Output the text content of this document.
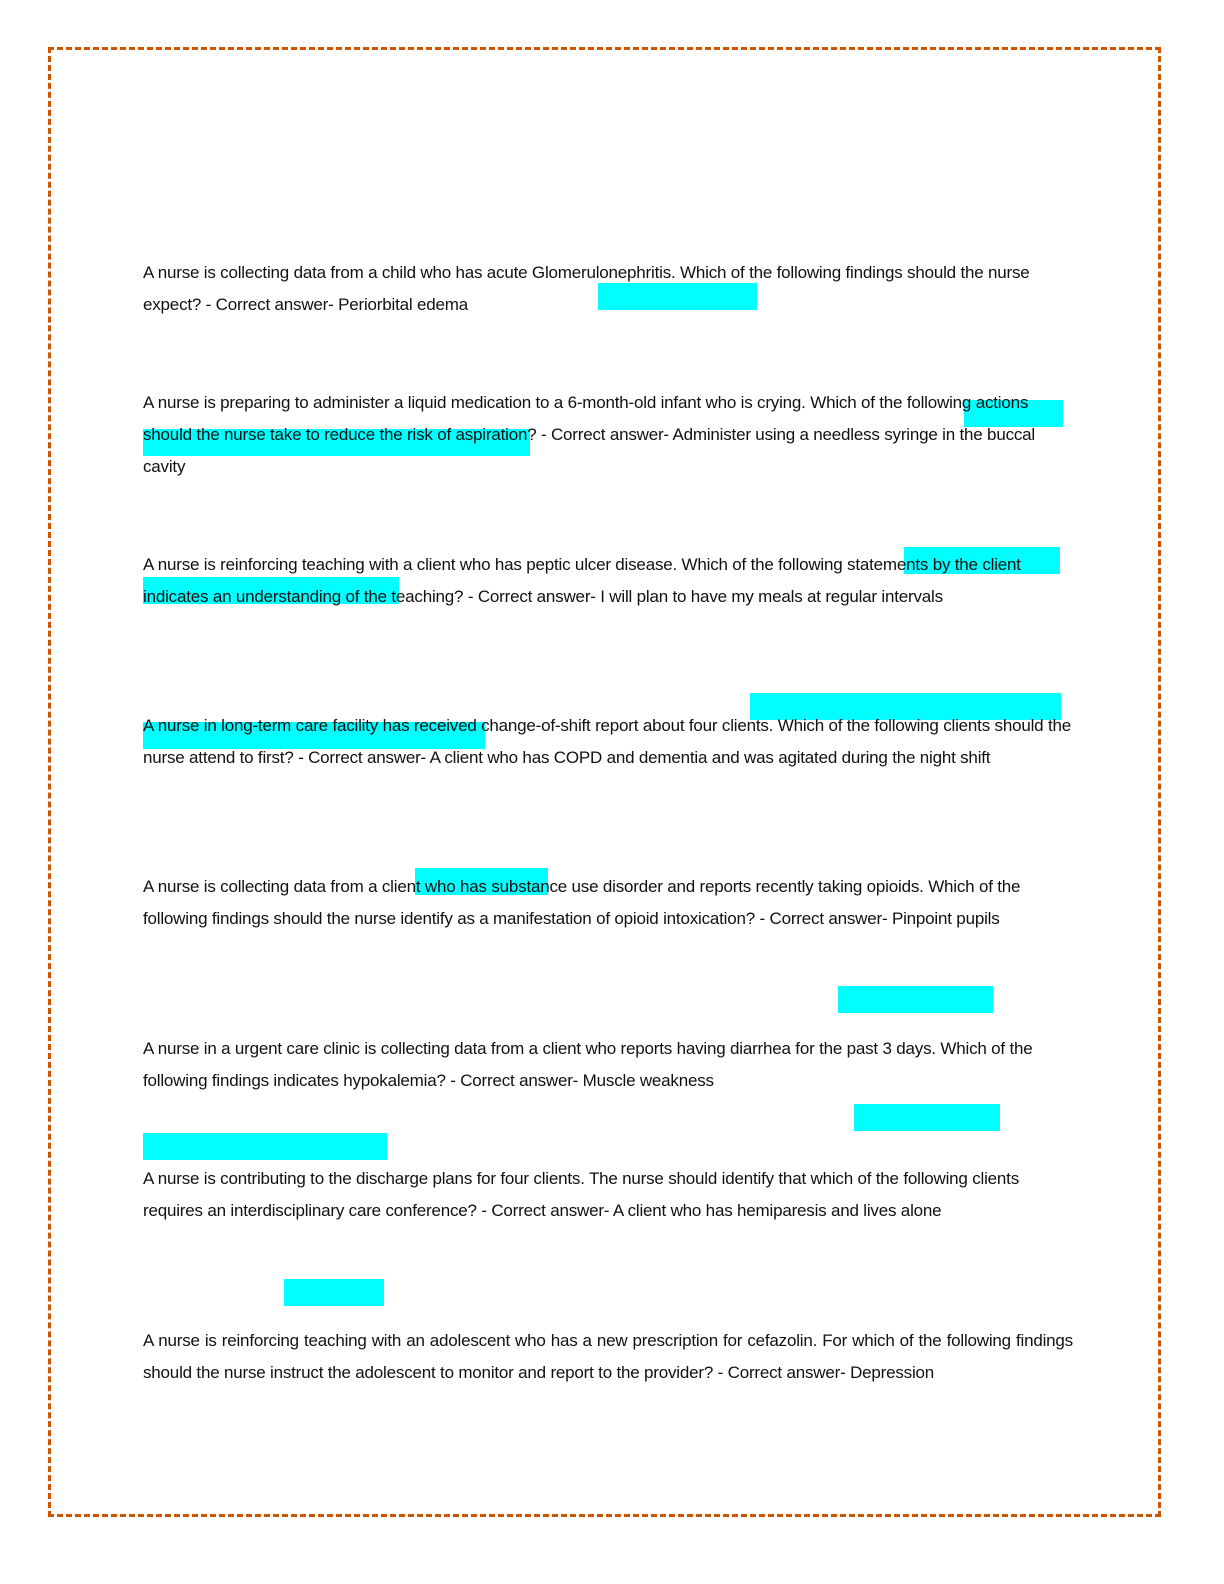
A nurse is collecting data from a child who has acute Glomerulonephritis. Which of the following findings should the nurse expect? - Correct answer- Periorbital edema

A nurse is preparing to administer a liquid medication to a 6-month-old infant who is crying. Which of the following actions should the nurse take to reduce the risk of aspiration? - Correct answer- Administer using a needless syringe in the buccal cavity

A nurse is reinforcing teaching with a client who has peptic ulcer disease. Which of the following statements by the client indicates an understanding of the teaching? - Correct answer- I will plan to have my meals at regular intervals

A nurse in long-term care facility has received change-of-shift report about four clients. Which of the following clients should the nurse attend to first? - Correct answer- A client who has COPD and dementia and was agitated during the night shift

A nurse is collecting data from a client who has substance use disorder and reports recently taking opioids. Which of the following findings should the nurse identify as a manifestation of opioid intoxication? - Correct answer- Pinpoint pupils

A nurse in a urgent care clinic is collecting data from a client who reports having diarrhea for the past 3 days. Which of the following findings indicates hypokalemia? - Correct answer- Muscle weakness

A nurse is contributing to the discharge plans for four clients. The nurse should identify that which of the following clients requires an interdisciplinary care conference? - Correct answer- A client who has hemiparesis and lives alone

A nurse is reinforcing teaching with an adolescent who has a new prescription for cefazolin. For which of the following findings should the nurse instruct the adolescent to monitor and report to the provider? - Correct answer- Depression
